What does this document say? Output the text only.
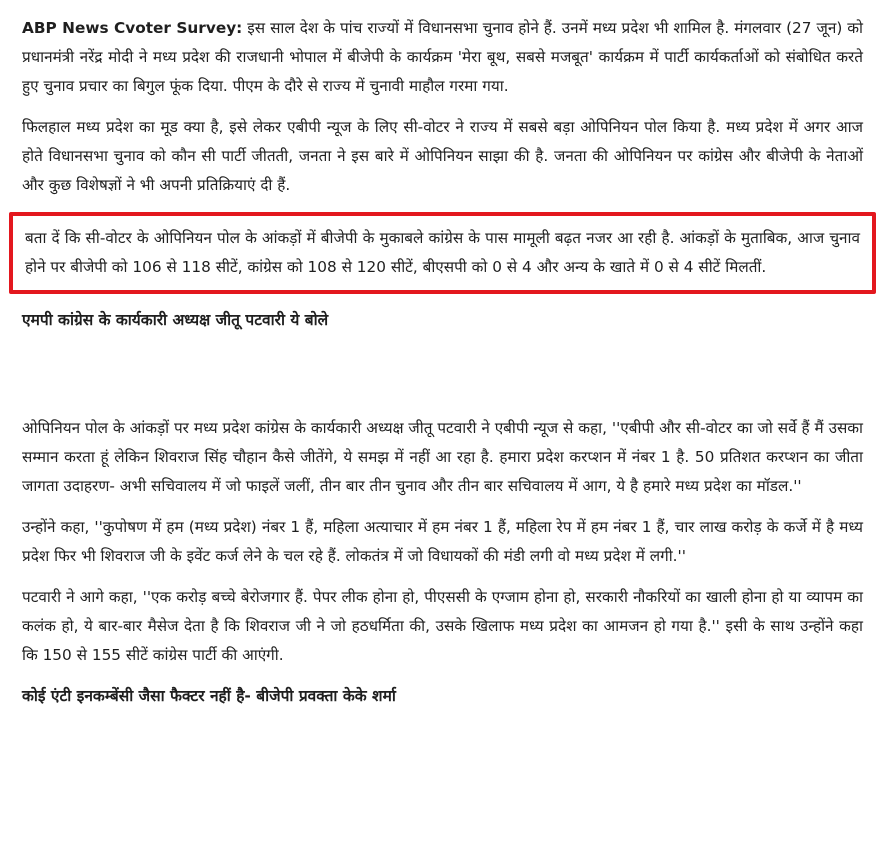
ABP News Cvoter Survey: इस साल देश के पांच राज्यों में विधानसभा चुनाव होने हैं. उनमें मध्य प्रदेश भी शामिल है. मंगलवार (27 जून) को प्रधानमंत्री नरेंद्र मोदी ने मध्य प्रदेश की राजधानी भोपाल में बीजेपी के कार्यक्रम 'मेरा बूथ, सबसे मजबूत' कार्यक्रम में पार्टी कार्यकर्ताओं को संबोधित करते हुए चुनाव प्रचार का बिगुल फूंक दिया. पीएम के दौरे से राज्य में चुनावी माहौल गरमा गया.

फिलहाल मध्य प्रदेश का मूड क्या है, इसे लेकर एबीपी न्यूज के लिए सी-वोटर ने राज्य में सबसे बड़ा ओपिनियन पोल किया है. मध्य प्रदेश में अगर आज होते विधानसभा चुनाव को कौन सी पार्टी जीतती, जनता ने इस बारे में ओपिनियन साझा की है. जनता की ओपिनियन पर कांग्रेस और बीजेपी के नेताओं और कुछ विशेषज्ञों ने भी अपनी प्रतिक्रियाएं दी हैं.

बता दें कि सी-वोटर के ओपिनियन पोल के आंकड़ों में बीजेपी के मुकाबले कांग्रेस के पास मामूली बढ़त नजर आ रही है. आंकड़ों के मुताबिक, आज चुनाव होने पर बीजेपी को 106 से 118 सीटें, कांग्रेस को 108 से 120 सीटें, बीएसपी को 0 से 4 और अन्य के खाते में 0 से 4 सीटें मिलतीं.

एमपी कांग्रेस के कार्यकारी अध्यक्ष जीतू पटवारी ये बोले

ओपिनियन पोल के आंकड़ों पर मध्य प्रदेश कांग्रेस के कार्यकारी अध्यक्ष जीतू पटवारी ने एबीपी न्यूज से कहा, ''एबीपी और सी-वोटर का जो सर्वे हैं मैं उसका सम्मान करता हूं लेकिन शिवराज सिंह चौहान कैसे जीतेंगे, ये समझ में नहीं आ रहा है. हमारा प्रदेश करप्शन में नंबर 1 है. 50 प्रतिशत करप्शन का जीता जागता उदाहरण- अभी सचिवालय में जो फाइलें जलीं, तीन बार तीन चुनाव और तीन बार सचिवालय में आग, ये है हमारे मध्य प्रदेश का मॉडल.''

उन्होंने कहा, ''कुपोषण में हम (मध्य प्रदेश) नंबर 1 हैं, महिला अत्याचार में हम नंबर 1 हैं, महिला रेप में हम नंबर 1 हैं, चार लाख करोड़ के कर्जे में है मध्य प्रदेश फिर भी शिवराज जी के इवेंट कर्ज लेने के चल रहे हैं. लोकतंत्र में जो विधायकों की मंडी लगी वो मध्य प्रदेश में लगी.''

पटवारी ने आगे कहा, ''एक करोड़ बच्चे बेरोजगार हैं. पेपर लीक होना हो, पीएससी के एग्जाम होना हो, सरकारी नौकरियों का खाली होना हो या व्यापम का कलंक हो, ये बार-बार मैसेज देता है कि शिवराज जी ने जो हठधर्मिता की, उसके खिलाफ मध्य प्रदेश का आमजन हो गया है.'' इसी के साथ उन्होंने कहा कि 150 से 155 सीटें कांग्रेस पार्टी की आएंगी.

कोई एंटी इनकम्बेंसी जैसा फैक्टर नहीं है- बीजेपी प्रवक्ता केके शर्मा
